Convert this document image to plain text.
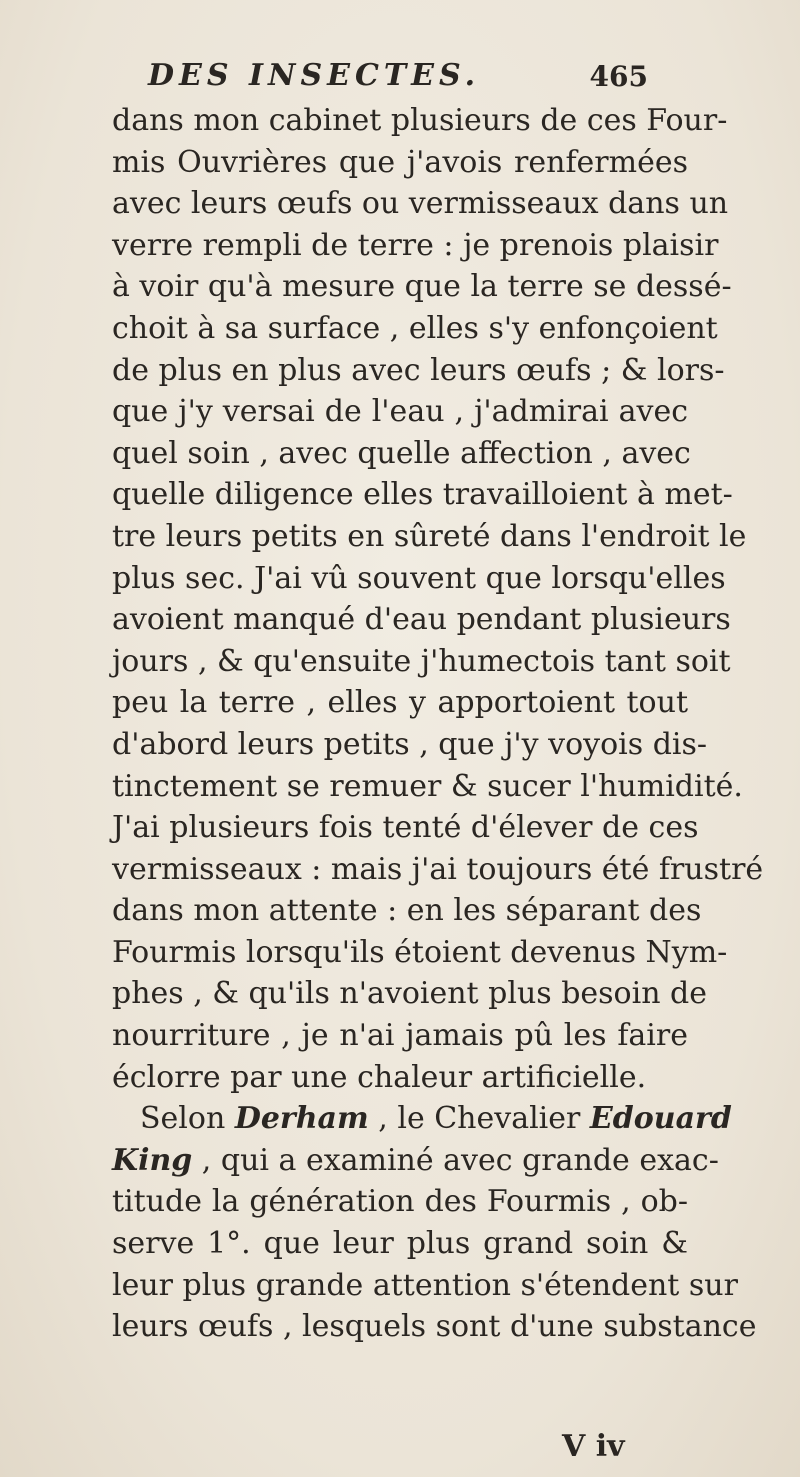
DES INSECTES.	465
dans mon cabinet plusieurs de ces Four-
mis Ouvrières que j'avois renfermées
avec leurs œufs ou vermisseaux dans un
verre rempli de terre : je prenois plaisir
à voir qu'à mesure que la terre se dessé-
choit à sa surface , elles s'y enfonçoient
de plus en plus avec leurs œufs ; & lors-
que j'y versai de l'eau , j'admirai avec
quel soin , avec quelle affection , avec
quelle diligence elles travailloient à met-
tre leurs petits en sûreté dans l'endroit le
plus sec. J'ai vû souvent que lorsqu'elles
avoient manqué d'eau pendant plusieurs
jours , & qu'ensuite j'humectois tant soit
peu la terre , elles y apportoient tout
d'abord leurs petits , que j'y voyois dis-
tinctement se remuer & sucer l'humidité.
J'ai plusieurs fois tenté d'élever de ces
vermisseaux : mais j'ai toujours été frustré
dans mon attente : en les séparant des
Fourmis lorsqu'ils étoient devenus Nym-
phes , & qu'ils n'avoient plus besoin de
nourriture , je n'ai jamais pû les faire
éclorre par une chaleur artificielle.
Selon Derham , le Chevalier Edouard
King , qui a examiné avec grande exac-
titude la génération des Fourmis , ob-
serve 1°. que leur plus grand soin &
leur plus grande attention s'étendent sur
leurs œufs , lesquels sont d'une substance
V iv
